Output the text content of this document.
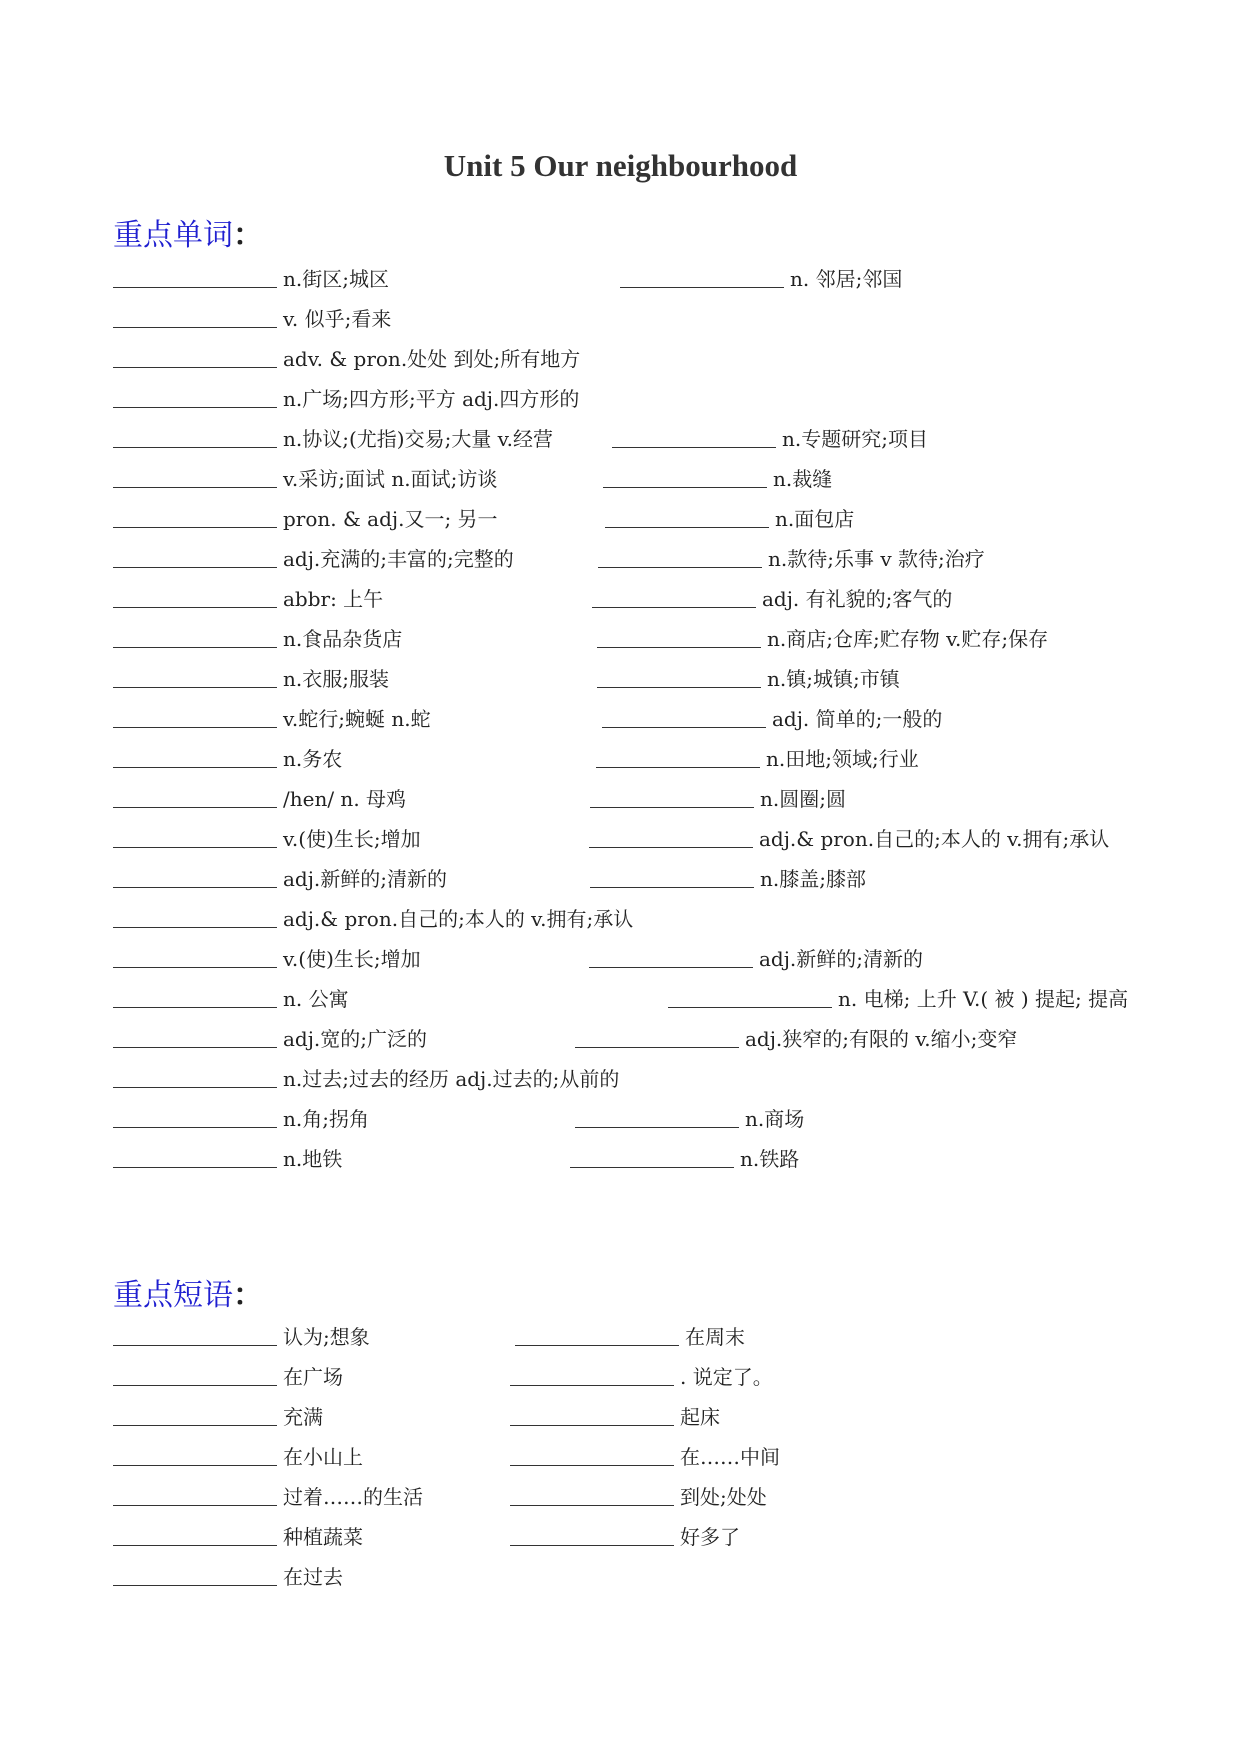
Unit 5 Our neighbourhood
重点单词：
n.街区;城区	n. 邻居;邻国
v. 似乎;看来
adv. & pron.处处 到处;所有地方
n.广场;四方形;平方 adj.四方形的
n.协议;(尤指)交易;大量 v.经营	n.专题研究;项目
v.采访;面试 n.面试;访谈	n.裁缝
pron. & adj.又一; 另一	n.面包店
adj.充满的;丰富的;完整的	n.款待;乐事 v 款待;治疗
abbr: 上午	adj. 有礼貌的;客气的
n.食品杂货店	n.商店;仓库;贮存物 v.贮存;保存
n.衣服;服装	n.镇;城镇;市镇
v.蛇行;蜿蜒 n.蛇	adj. 简单的;一般的
n.务农	n.田地;领域;行业
/hen/ n. 母鸡	n.圆圈;圆
v.(使)生长;增加	adj.& pron.自己的;本人的 v.拥有;承认
adj.新鲜的;清新的	n.膝盖;膝部
adj.& pron.自己的;本人的 v.拥有;承认
v.(使)生长;增加	adj.新鲜的;清新的
n. 公寓	n. 电梯; 上升 V.( 被 ) 提起; 提高
adj.宽的;广泛的	adj.狭窄的;有限的 v.缩小;变窄
n.过去;过去的经历 adj.过去的;从前的
n.角;拐角	n.商场
n.地铁	n.铁路
重点短语：
认为;想象	在周末
在广场	. 说定了。
充满	起床
在小山上	在……中间
过着……的生活	到处;处处
种植蔬菜	好多了
在过去
